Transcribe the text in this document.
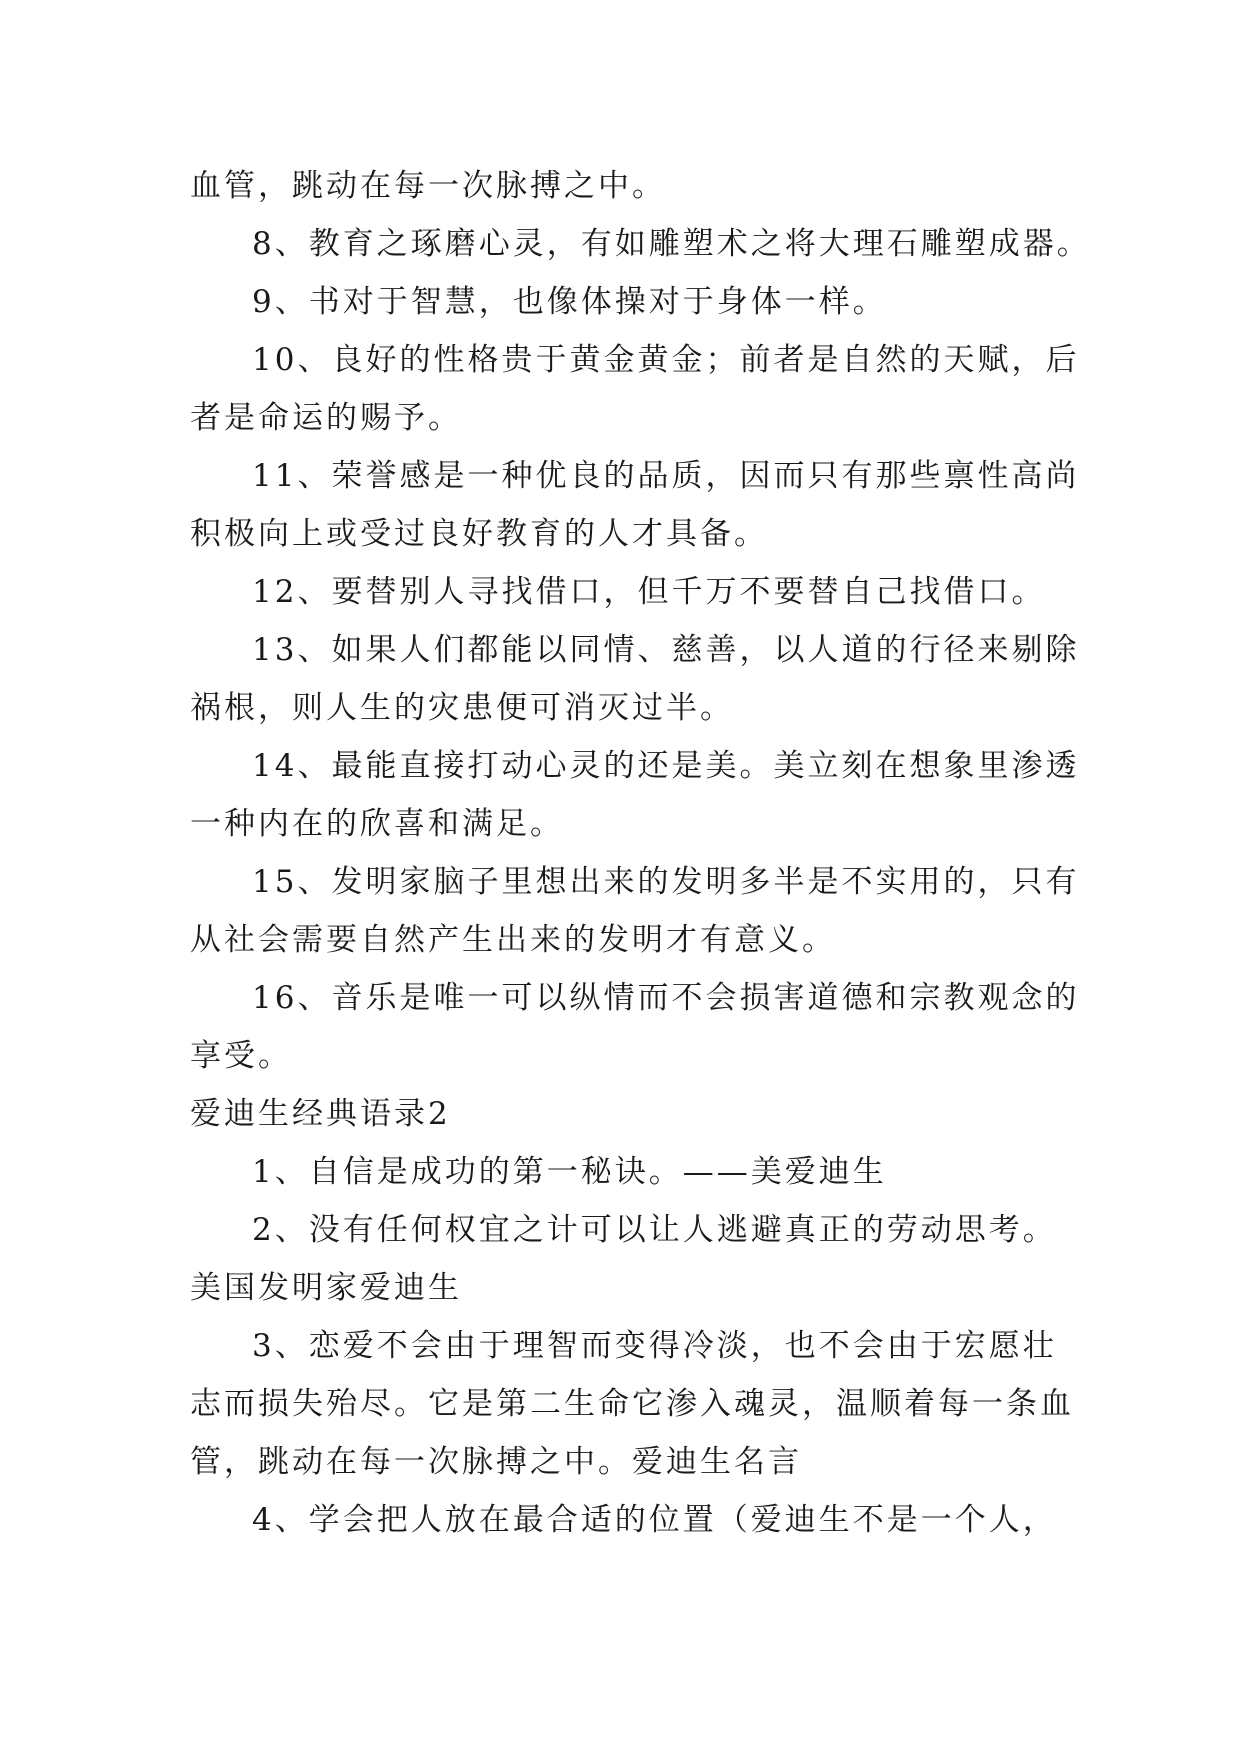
血管，跳动在每一次脉搏之中。
8、教育之琢磨心灵，有如雕塑术之将大理石雕塑成器。
9、书对于智慧，也像体操对于身体一样。
10、良好的性格贵于黄金黄金；前者是自然的天赋，后
者是命运的赐予。
11、荣誉感是一种优良的品质，因而只有那些禀性高尚
积极向上或受过良好教育的人才具备。
12、要替别人寻找借口，但千万不要替自己找借口。
13、如果人们都能以同情、慈善，以人道的行径来剔除
祸根，则人生的灾患便可消灭过半。
14、最能直接打动心灵的还是美。美立刻在想象里渗透
一种内在的欣喜和满足。
15、发明家脑子里想出来的发明多半是不实用的，只有
从社会需要自然产生出来的发明才有意义。
16、音乐是唯一可以纵情而不会损害道德和宗教观念的
享受。
爱迪生经典语录2
1、自信是成功的第一秘诀。——美爱迪生
2、没有任何权宜之计可以让人逃避真正的劳动思考。
美国发明家爱迪生
3、恋爱不会由于理智而变得冷淡，也不会由于宏愿壮
志而损失殆尽。它是第二生命它渗入魂灵，温顺着每一条血
管，跳动在每一次脉搏之中。爱迪生名言
4、学会把人放在最合适的位置（爱迪生不是一个人，
